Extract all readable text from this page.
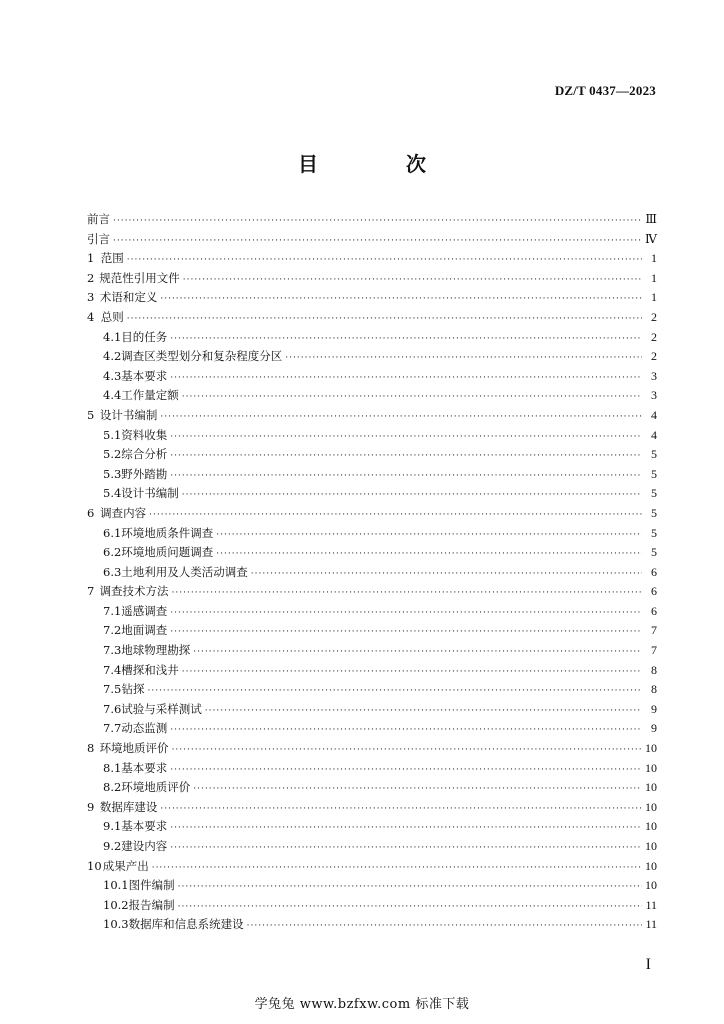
DZ/T 0437—2023
目　次
前言 ·····	Ⅲ
引言 ·····	Ⅳ
1 范围 ·····	1
2 规范性引用文件 ·····	1
3 术语和定义 ·····	1
4 总则 ·····	2
4.1 目的任务 ·····	2
4.2 调查区类型划分和复杂程度分区 ·····	2
4.3 基本要求 ·····	3
4.4 工作量定额 ·····	3
5 设计书编制 ·····	4
5.1 资料收集 ·····	4
5.2 综合分析 ·····	5
5.3 野外踏勘 ·····	5
5.4 设计书编制 ·····	5
6 调查内容 ·····	5
6.1 环境地质条件调查 ·····	5
6.2 环境地质问题调查 ·····	5
6.3 土地利用及人类活动调查 ·····	6
7 调查技术方法 ·····	6
7.1 遥感调查 ·····	6
7.2 地面调查 ·····	7
7.3 地球物理勘探 ·····	7
7.4 槽探和浅井 ·····	8
7.5 钻探 ·····	8
7.6 试验与采样测试 ·····	9
7.7 动态监测 ·····	9
8 环境地质评价 ·····	10
8.1 基本要求 ·····	10
8.2 环境地质评价 ·····	10
9 数据库建设 ·····	10
9.1 基本要求 ·····	10
9.2 建设内容 ·····	10
10 成果产出 ·····	10
10.1 图件编制 ·····	10
10.2 报告编制 ·····	11
10.3 数据库和信息系统建设 ·····	11
I
学兔兔 www.bzfxw.com 标准下载
